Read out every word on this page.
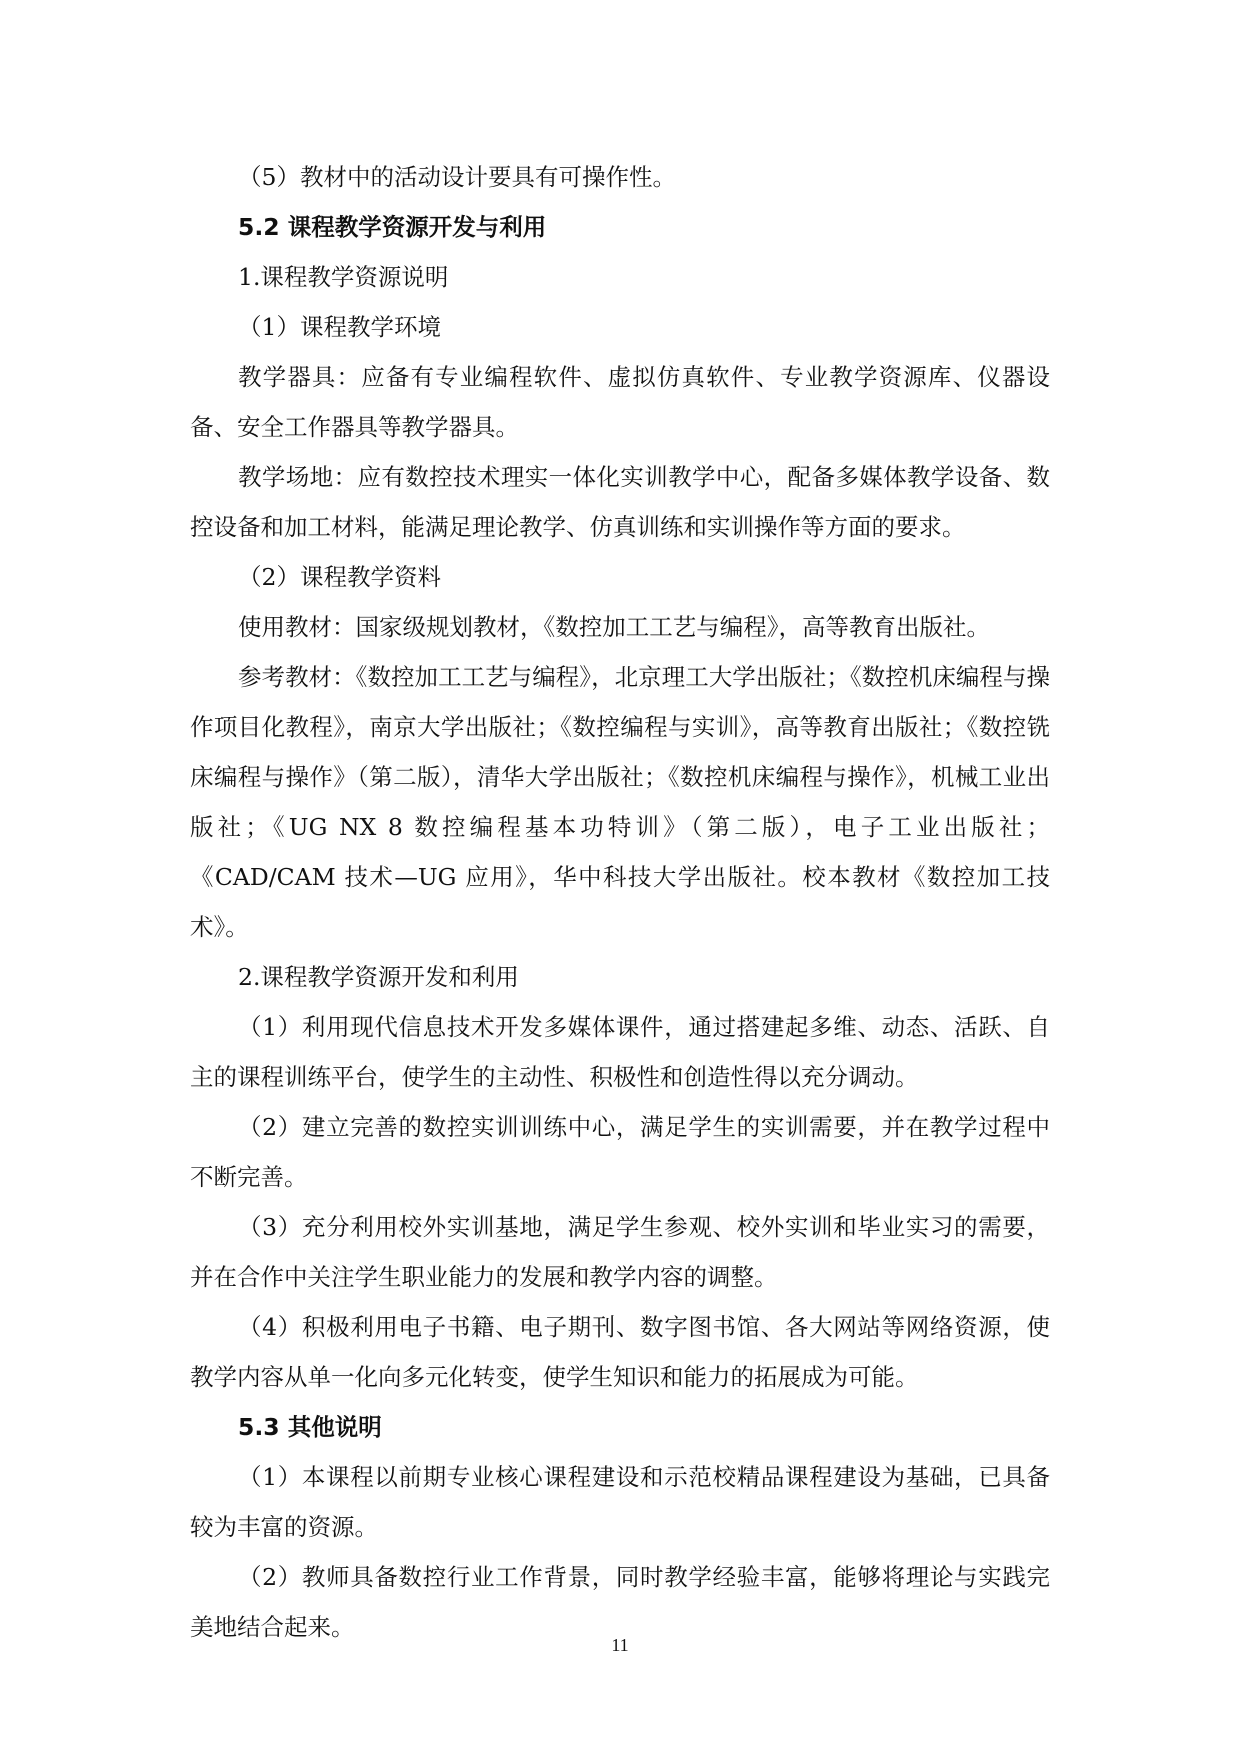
（5）教材中的活动设计要具有可操作性。

5.2 课程教学资源开发与利用

1.课程教学资源说明

（1）课程教学环境

教学器具：应备有专业编程软件、虚拟仿真软件、专业教学资源库、仪器设备、安全工作器具等教学器具。

教学场地：应有数控技术理实一体化实训教学中心，配备多媒体教学设备、数控设备和加工材料，能满足理论教学、仿真训练和实训操作等方面的要求。

（2）课程教学资料

使用教材：国家级规划教材，《数控加工工艺与编程》，高等教育出版社。

参考教材：《数控加工工艺与编程》，北京理工大学出版社；《数控机床编程与操作项目化教程》，南京大学出版社；《数控编程与实训》，高等教育出版社；《数控铣床编程与操作》（第二版），清华大学出版社；《数控机床编程与操作》，机械工业出版社；《UG NX 8 数控编程基本功特训》（第二版），电子工业出版社；《CAD/CAM 技术—UG 应用》，华中科技大学出版社。校本教材《数控加工技术》。

2.课程教学资源开发和利用

（1）利用现代信息技术开发多媒体课件，通过搭建起多维、动态、活跃、自主的课程训练平台，使学生的主动性、积极性和创造性得以充分调动。

（2）建立完善的数控实训训练中心，满足学生的实训需要，并在教学过程中不断完善。

（3）充分利用校外实训基地，满足学生参观、校外实训和毕业实习的需要，并在合作中关注学生职业能力的发展和教学内容的调整。

（4）积极利用电子书籍、电子期刊、数字图书馆、各大网站等网络资源，使教学内容从单一化向多元化转变，使学生知识和能力的拓展成为可能。

5.3 其他说明

（1）本课程以前期专业核心课程建设和示范校精品课程建设为基础，已具备较为丰富的资源。

（2）教师具备数控行业工作背景，同时教学经验丰富，能够将理论与实践完美地结合起来。

11
